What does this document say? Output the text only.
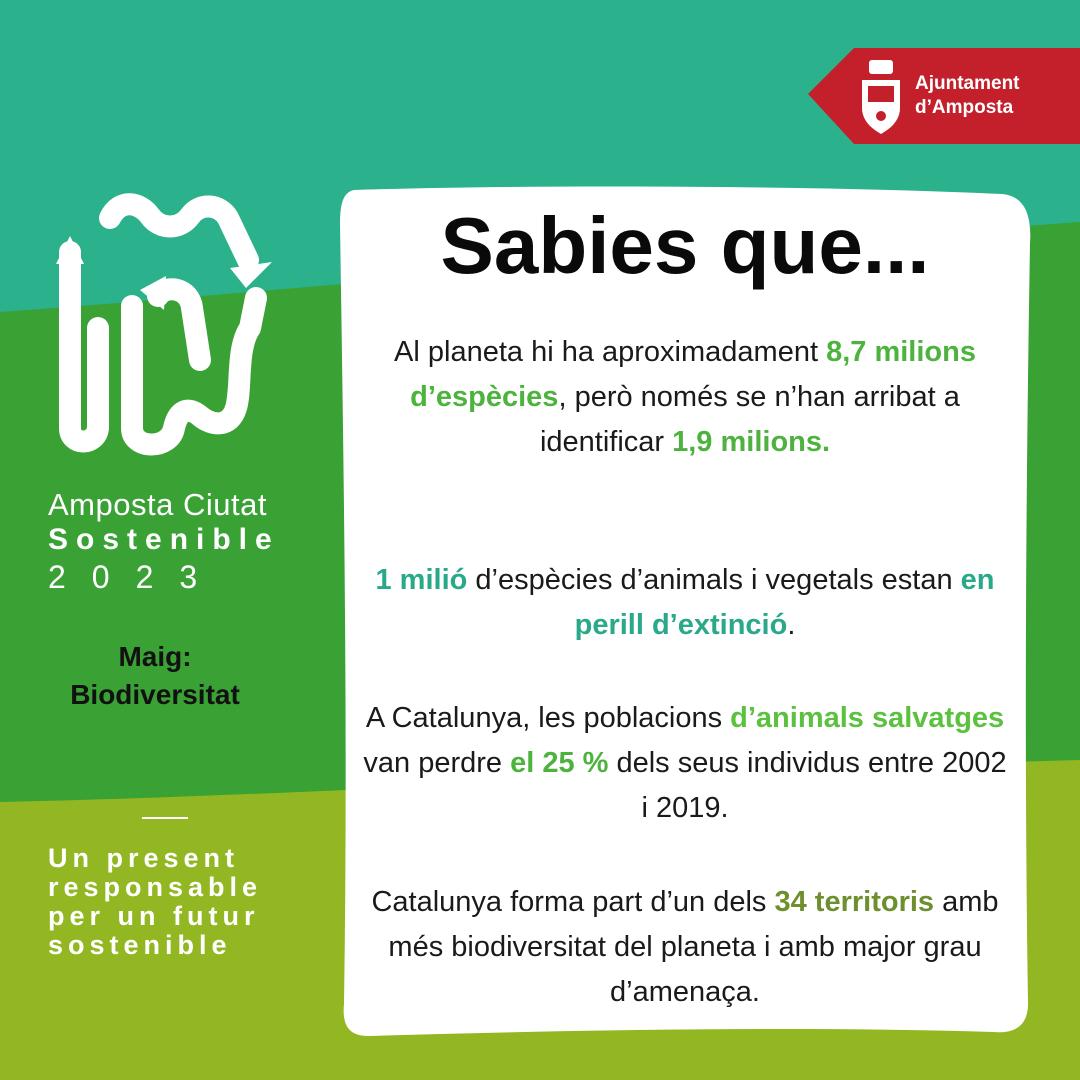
Ajuntament
d’Amposta
Amposta Ciutat
Sostenible
2023
Maig:
Biodiversitat
Un present
responsable
per un futur
sostenible
Sabies que...
Al planeta hi ha aproximadament 8,7 milions d’espècies, però només se n’han arribat a identificar 1,9 milions.
1 milió d’espècies d’animals i vegetals estan en perill d’extinció.
A Catalunya, les poblacions d’animals salvatges van perdre el 25 % dels seus individus entre 2002 i 2019.
Catalunya forma part d’un dels 34 territoris amb més biodiversitat del planeta i amb major grau d’amenaça.
